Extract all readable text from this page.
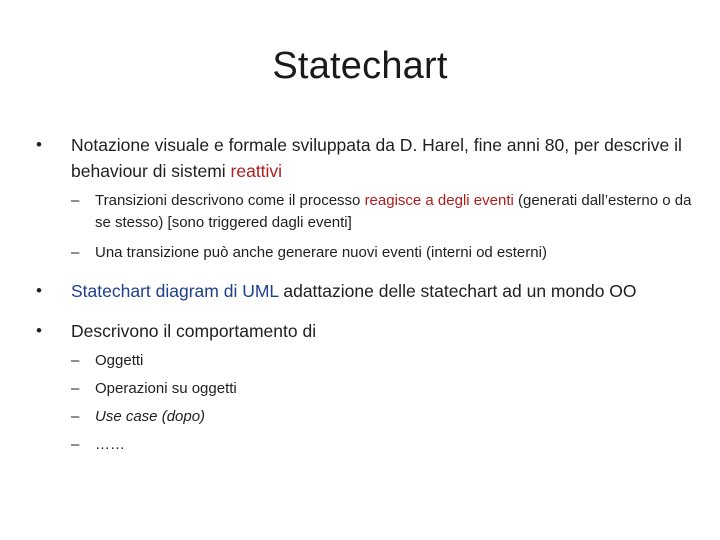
Statechart
•	Notazione visuale e formale sviluppata da D. Harel, fine anni 80, per descrive il behaviour di sistemi reattivi
–	Transizioni descrivono come il processo reagisce a degli eventi (generati dall’esterno o da se stesso) [sono triggered dagli eventi]
–	Una transizione può anche generare nuovi eventi (interni od esterni)
•	Statechart diagram di UML adattazione delle statechart ad un mondo OO
•	Descrivono il comportamento di
–	Oggetti
–	Operazioni su oggetti
–	Use case (dopo)
–	……
